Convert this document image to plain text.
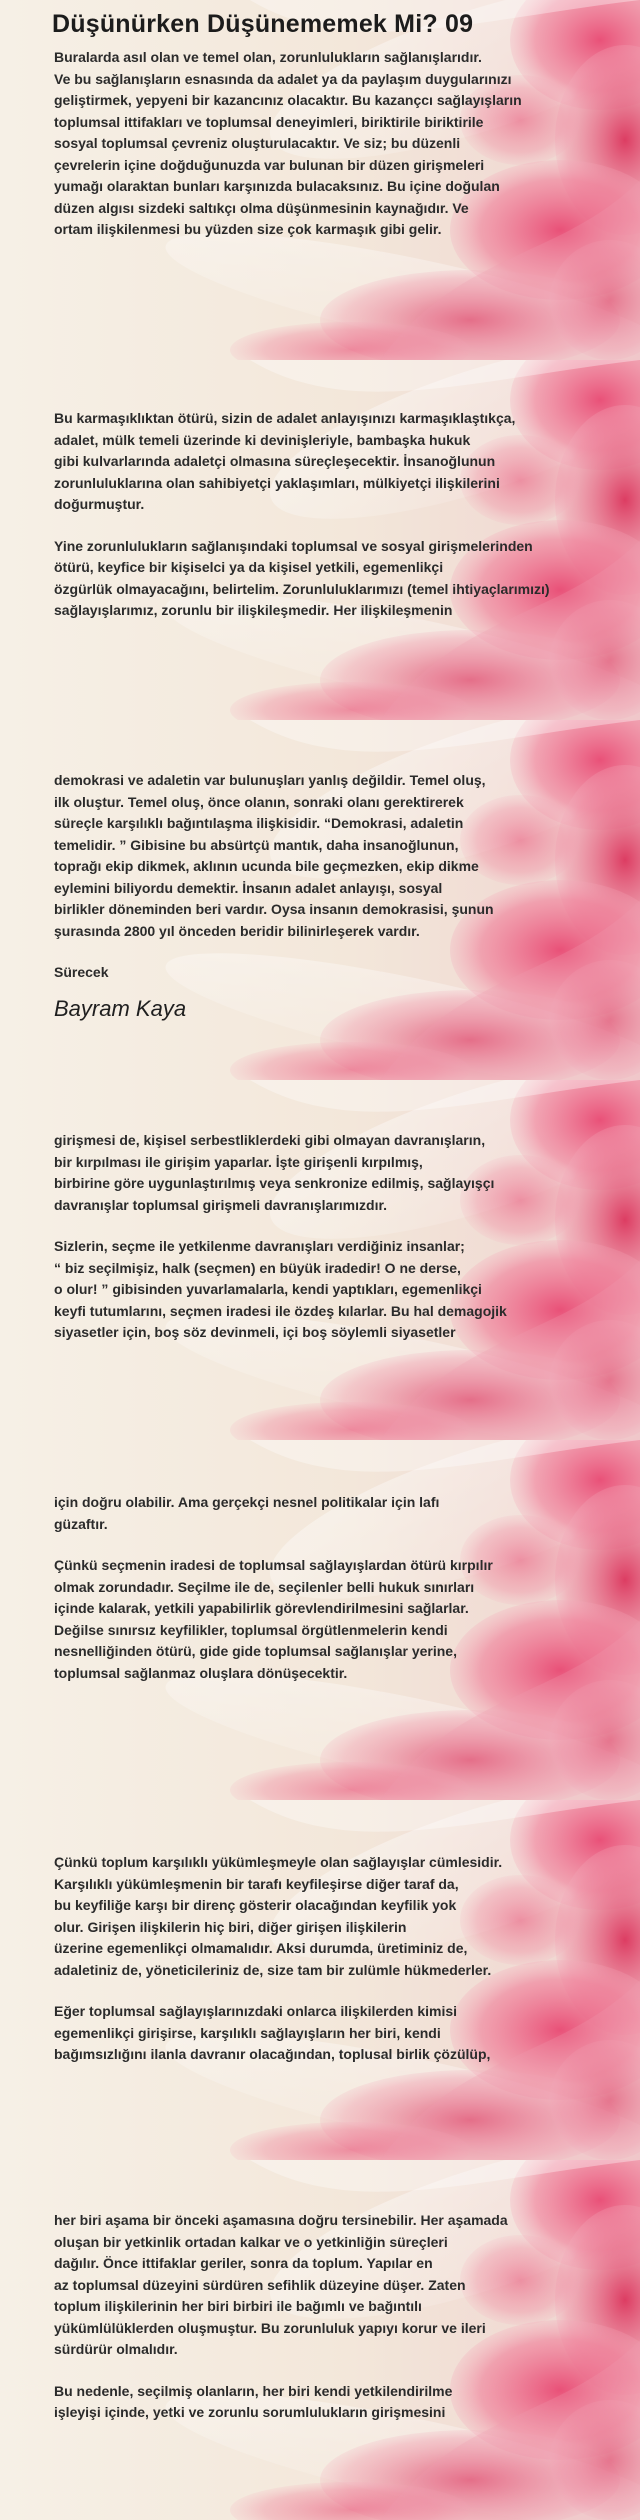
Düşünürken Düşünememek Mi? 09

Buralarda asıl olan ve temel olan, zorunlulukların sağlanışlarıdır.
Ve bu sağlanışların esnasında da adalet ya da paylaşım duygularınızı
geliştirmek, yepyeni bir kazancınız olacaktır. Bu kazançcı sağlayışların
toplumsal ittifakları ve toplumsal deneyimleri, biriktirile biriktirile
sosyal toplumsal çevreniz oluşturulacaktır. Ve siz; bu düzenli
çevrelerin içine doğduğunuzda var bulunan bir düzen girişmeleri
yumağı olaraktan bunları karşınızda bulacaksınız. Bu içine doğulan
düzen algısı sizdeki saltıkçı olma düşünmesinin kaynağıdır. Ve
ortam ilişkilenmesi bu yüzden size çok karmaşık gibi gelir.

Bu karmaşıklıktan ötürü, sizin de adalet anlayışınızı karmaşıklaştıkça,
adalet, mülk temeli üzerinde ki devinişleriyle, bambaşka hukuk
gibi kulvarlarında adaletçi olmasına süreçleşecektir. İnsanoğlunun
zorunluluklarına olan sahibiyetçi yaklaşımları, mülkiyetçi ilişkilerini
doğurmuştur.

Yine zorunlulukların sağlanışındaki toplumsal ve sosyal girişmelerinden
ötürü, keyfice bir kişiselci ya da kişisel yetkili, egemenlikçi
özgürlük olmayacağını, belirtelim. Zorunluluklarımızı (temel ihtiyaçlarımızı)
sağlayışlarımız, zorunlu bir ilişkileşmedir. Her ilişkileşmenin

demokrasi ve adaletin var bulunuşları yanlış değildir. Temel oluş,
ilk oluştur. Temel oluş, önce olanın, sonraki olanı gerektirerek
süreçle karşılıklı bağıntılaşma ilişkisidir. “Demokrasi, adaletin
temelidir. ” Gibisine bu absürtçü mantık, daha insanoğlunun,
toprağı ekip dikmek, aklının ucunda bile geçmezken, ekip dikme
eylemini biliyordu demektir. İnsanın adalet anlayışı, sosyal
birlikler döneminden beri vardır. Oysa insanın demokrasisi, şunun
şurasında 2800 yıl önceden beridir bilinirleşerek vardır.

Sürecek

Bayram Kaya

girişmesi de, kişisel serbestliklerdeki gibi olmayan davranışların,
bir kırpılması ile girişim yaparlar. İşte girişenli kırpılmış,
birbirine göre uygunlaştırılmış veya senkronize edilmiş, sağlayışçı
davranışlar toplumsal girişmeli davranışlarımızdır.

Sizlerin, seçme ile yetkilenme davranışları verdiğiniz insanlar;
“ biz seçilmişiz, halk (seçmen) en büyük iradedir! O ne derse,
o olur! ” gibisinden yuvarlamalarla, kendi yaptıkları, egemenlikçi
keyfi tutumlarını, seçmen iradesi ile özdeş kılarlar. Bu hal demagojik
siyasetler için, boş söz devinmeli, içi boş söylemli siyasetler

için doğru olabilir. Ama gerçekçi nesnel politikalar için lafı
güzaftır.

Çünkü seçmenin iradesi de toplumsal sağlayışlardan ötürü kırpılır
olmak zorundadır. Seçilme ile de, seçilenler belli hukuk sınırları
içinde kalarak, yetkili yapabilirlik görevlendirilmesini sağlarlar.
Değilse sınırsız keyfilikler, toplumsal örgütlenmelerin kendi
nesnelliğinden ötürü, gide gide toplumsal sağlanışlar yerine,
toplumsal sağlanmaz oluşlara dönüşecektir.

Çünkü toplum karşılıklı yükümleşmeyle olan sağlayışlar cümlesidir.
Karşılıklı yükümleşmenin bir tarafı keyfileşirse diğer taraf da,
bu keyfiliğe karşı bir direnç gösterir olacağından keyfilik yok
olur. Girişen ilişkilerin hiç biri, diğer girişen ilişkilerin
üzerine egemenlikçi olmamalıdır. Aksi durumda, üretiminiz de,
adaletiniz de, yöneticileriniz de, size tam bir zulümle hükmederler.

Eğer toplumsal sağlayışlarınızdaki onlarca ilişkilerden kimisi
egemenlikçi girişirse, karşılıklı sağlayışların her biri, kendi
bağımsızlığını ilanla davranır olacağından, toplusal birlik çözülüp,

her biri aşama bir önceki aşamasına doğru tersinebilir. Her aşamada
oluşan bir yetkinlik ortadan kalkar ve o yetkinliğin süreçleri
dağılır. Önce ittifaklar geriler, sonra da toplum. Yapılar en
az toplumsal düzeyini sürdüren sefihlik düzeyine düşer. Zaten
toplum ilişkilerinin her biri birbiri ile bağımlı ve bağıntılı
yükümlülüklerden oluşmuştur. Bu zorunluluk yapıyı korur ve ileri
sürdürür olmalıdır.

Bu nedenle, seçilmiş olanların, her biri kendi yetkilendirilme
işleyişi içinde, yetki ve zorunlu sorumlulukların girişmesini
